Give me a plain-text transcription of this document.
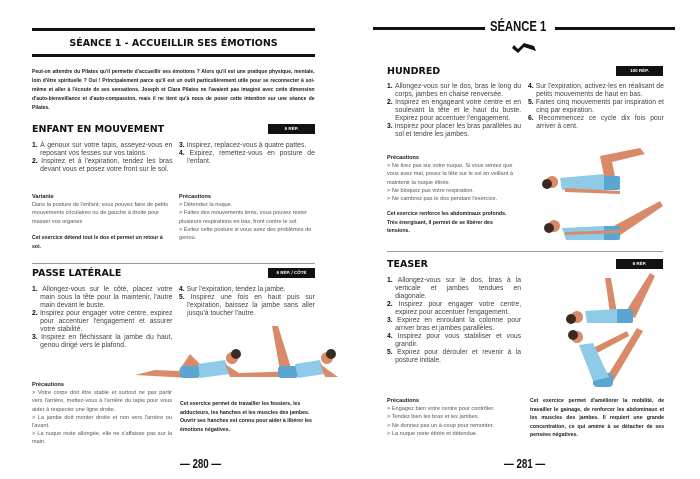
SÉANCE 1 - ACCUEILLIR SES ÉMOTIONS
Peut-on attendre du Pilates qu'il permette d'accueillir ses émotions ? Alors qu'il est une pratique physique, mentale, loin d'être spirituelle ? Oui ! Principalement parce qu'il est un outil particulièrement utile pour se reconnecter à soi-même et aller à l'écoute de ses sensations. Joseph et Clara Pilates ne l'avaient pas imaginé avec cette dimension d'auto-bienveillance et d'auto-compassion, mais il ne tient qu'à nous de poser cette intention sur une séance de Pilates.
ENFANT EN MOUVEMENT	6 RÉP.
1. À genoux sur votre tapis, asseyez-vous en reposant vos fesses sur vos talons.
2. Inspirez et à l'expiration, tendez les bras devant vous et posez votre front sur le sol.
3. Inspirez, replacez-vous à quatre pattes.
4. Expirez, remettez-vous en posture de l'enfant.
Variante
Dans la posture de l'enfant, vous pouvez faire de petits mouvements circulaires ou de gauche à droite pour masser vos organes
Cet exercice détend tout le dos et permet un retour à soi.
Précautions
> Détendez la nuque.
> Faites des mouvements lents, vous pouvez rester plusieurs respirations en bas, front contre le sol.
> Évitez cette posture si vous avez des problèmes de genou.
PASSE LATÉRALE	6 RÉP. / CÔTÉ
1. Allongez-vous sur le côté, placez votre main sous la tête pour la maintenir, l'autre main devant le buste.
2. Inspirez pour engager votre centre, expirez pour accentuer l'engagement et assurer votre stabilité.
3. Inspirez en fléchissant la jambe du haut, genou dirigé vers le plafond.
4. Sur l'expiration, tendez la jambe.
5. Inspirez une fois en haut puis sur l'expiration, baissez la jambe sans aller jusqu'à toucher l'autre.
Précautions
> Votre corps doit être stable et surtout ne pas partir vers l'arrière, mettez-vous à l'arrière du tapis pour vous aider à respecter une ligne droite.
> La jambe doit monter droite et non vers l'arrière ou l'avant.
> La nuque reste allongée, elle ne s'affaisse pas sur la main.
Cet exercice permet de travailler les fessiers, les adducteurs, les hanches et les muscles des jambes. Ouvrir ses hanches est connu pour aider à libérer les émotions négatives.
— 280 —
SÉANCE 1
HUNDRED	100 RÉP.
1. Allongez-vous sur le dos, bras le long du corps, jambes en chaise renversée.
2. Inspirez en engageant votre centre et en soulevant la tête et le haut du buste. Expirez pour accentuer l'engagement.
3. Inspirez pour placer les bras parallèles au sol et tendre les jambes.
4. Sur l'expiration, activez-les en réalisant de petits mouvements de haut en bas.
5. Faites cinq mouvements par inspiration et cinq par expiration.
6. Recommencez ce cycle dix fois pour arriver à cent.
Précautions
> Ne tirez pas sur votre nuque. Si vous sentez que vous avez mal, posez la tête sur le sol en veillant à maintenir la nuque étirée.
> Ne bloquez pas votre respiration.
> Ne cambrez pas le dos pendant l'exercice.
Cet exercice renforce les abdominaux profonds. Très énergisant, il permet de se libérer des tensions.
TEASER	6 RÉP.
1. Allongez-vous sur le dos, bras à la verticale et jambes tendues en diagonale.
2. Inspirez pour engager votre centre, expirez pour accentuer l'engagement.
3. Expirez en enroulant la colonne pour arriver bras et jambes parallèles.
4. Inspirez pour vous stabiliser et vous grandir.
5. Expirez pour dérouler et revenir à la posture initiale.
Précautions
> Engagez bien votre centre pour contrôler.
> Tendez bien les bras et les jambes.
> Ne donnez pas un à-coup pour remonter.
> La nuque reste étirée et détendue.
Cet exercice permet d'améliorer la mobilité, de travailler le gainage, de renforcer les abdominaux et les muscles des jambes. Il requiert une grande concentration, ce qui amène à se détacher de ses pensées négatives.
— 281 —
